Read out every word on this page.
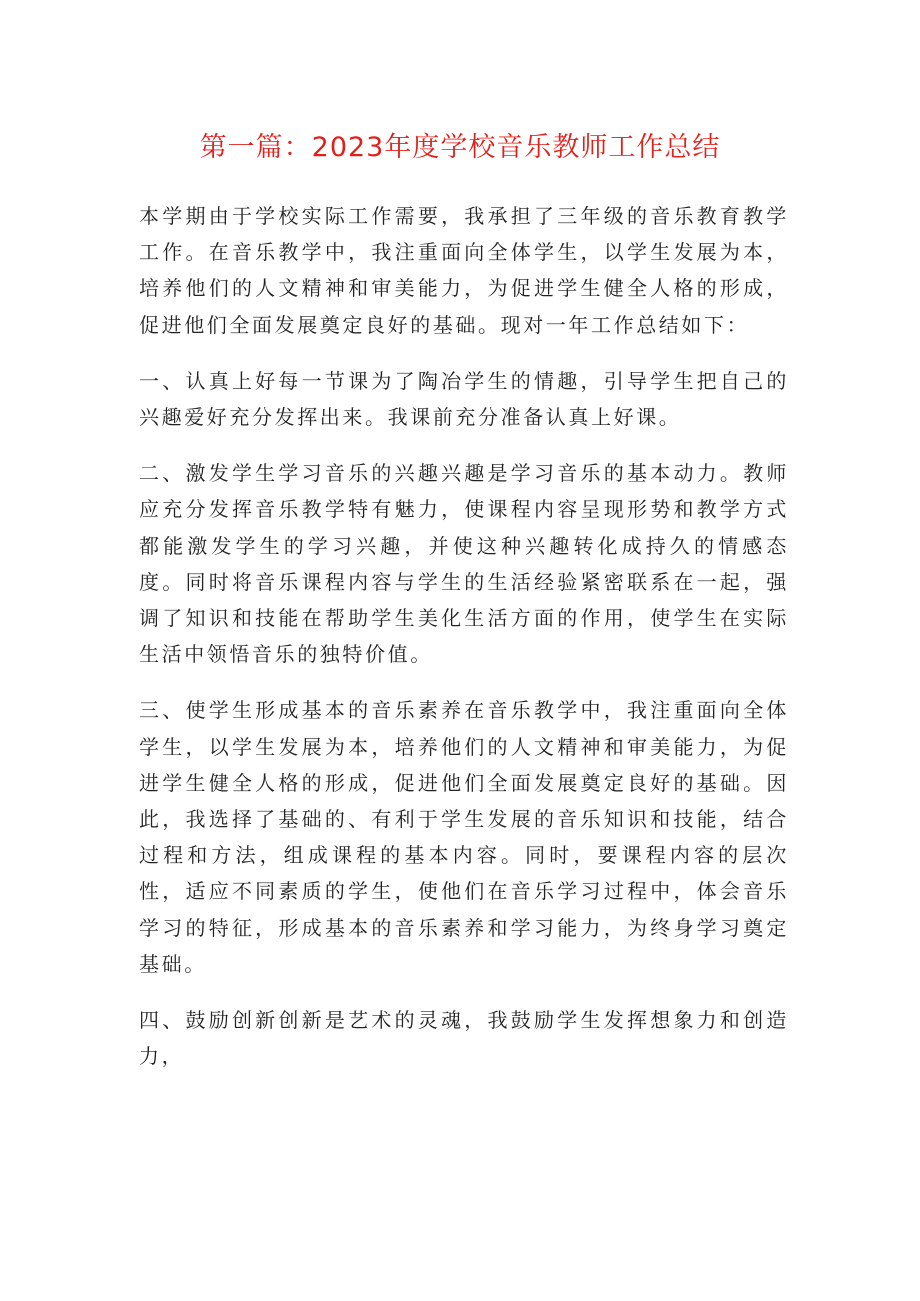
第一篇：2023年度学校音乐教师工作总结

本学期由于学校实际工作需要，我承担了三年级的音乐教育教学工作。在音乐教学中，我注重面向全体学生，以学生发展为本，培养他们的人文精神和审美能力，为促进学生健全人格的形成，促进他们全面发展奠定良好的基础。现对一年工作总结如下：

一、认真上好每一节课为了陶冶学生的情趣，引导学生把自己的兴趣爱好充分发挥出来。我课前充分准备认真上好课。

二、激发学生学习音乐的兴趣兴趣是学习音乐的基本动力。教师应充分发挥音乐教学特有魅力，使课程内容呈现形势和教学方式都能激发学生的学习兴趣，并使这种兴趣转化成持久的情感态度。同时将音乐课程内容与学生的生活经验紧密联系在一起，强调了知识和技能在帮助学生美化生活方面的作用，使学生在实际生活中领悟音乐的独特价值。

三、使学生形成基本的音乐素养在音乐教学中，我注重面向全体学生，以学生发展为本，培养他们的人文精神和审美能力，为促进学生健全人格的形成，促进他们全面发展奠定良好的基础。因此，我选择了基础的、有利于学生发展的音乐知识和技能，结合过程和方法，组成课程的基本内容。同时，要课程内容的层次性，适应不同素质的学生，使他们在音乐学习过程中，体会音乐学习的特征，形成基本的音乐素养和学习能力，为终身学习奠定基础。

四、鼓励创新创新是艺术的灵魂，我鼓励学生发挥想象力和创造力，
